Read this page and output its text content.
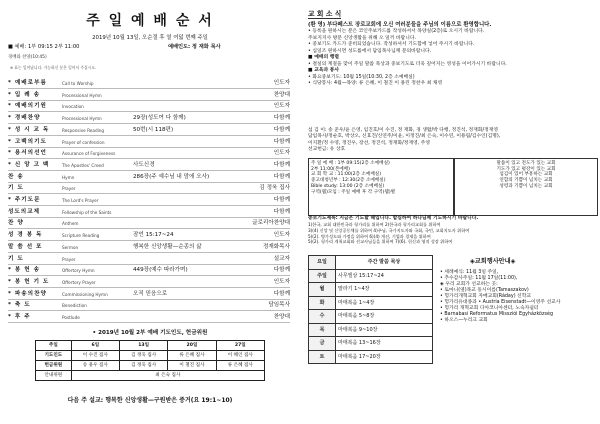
주 일 예 배 순 서
2019년 10월 13일, 오순절 후 열 여덟 번째 주일
■ 예배: 1부 09:15 2부 11:00	예배인도: 정 재화 목사
경배와 찬양(10:45)
※ 표는 일어납니다. 가능하신 분은 일어서 주십시오.
* 예배로부름	Call to Worship	인도자
* 입 례 송	Processional Hymn	찬양대
* 예배의기원	Invocation	인도자
* 경배찬양	Processional Hymn	29장(성도여 다 함께)	다함께
* 성 시 교 독	Responsive Reading	50번(시 118편)	다함께
* 고백의기도	Prayer of confession	다함께
* 용서의선언	Assurance of Forgiveness	인도자
* 신 앙 고 백	The Apostles' Creed	사도신경	다함께
찬 송	Hymn	286장(주 예수님 내 맘에 오사)	다함께
기 도	Prayer	김 정욱 집사
* 주기도문	The Lord's Prayer	다함께
성도의교제	Fellowship of the Saints	다함께
찬 양	Anthem	글로리아찬양대
성 경 봉 독	Scripture Reading	잠언 15:17~24	인도자
말 씀 선 포	Sermon	행복한 신앙생활—순종의 삶	정재화목사
기 도	Prayer	설교자
* 봉 헌 송	Offertory Hymn	449장(예수 따라가며)	다함께
* 봉 헌 기 도	Offertory Prayer	인도자
* 파송의찬양	Commissioning Hymn	오직 믿음으로	다함께
* 축 도	Benediction	담임목사
* 후 주	Postlude	찬양대
• 2019년 10월 2부 예배 기도인도, 헌금위원
주일	6일	13일	20일	27일
기도인도	이 수진 집사	김 정욱 집사	류 은혜 집사	이 해인 집사
헌금위원	송 용우 집사	김 정욱 집사	이 철진 집사	류 은혜 집사
안내위원	최 은숙 집사			
다음 주 설교: 행복한 신앙생활—구원받은 증거(요 19:1~10)
교 회 소 식
(환 영) 부다페스트 장로교회에 오신 여러분들을 주님의 이름으로 환영합니다.
• 등록을 원하시는 분은 코인주보카드를 작성하셔서 목양실(2층)로 오시기 바랍니다.
주보지지사 방문 신앙생활을 위해 오 일끼 바랍니다.
• 중보기도 카드가 준비되었습니다. 작성하셔서 기도함에 넣어 주시기 바랍니다.
• 십일조 원하시면 성도를에서 담임목사님께 문의바랍니다.
■ 예배의 행렬
• 결실의 계절을 맞이 주일 말씀 묵상과 중보기도로 더욱 깊어지는 영성을 이어가시기 바랍니다.
■ 교육과 봉사
• 화요중보기도: 10월 15일(10:30, 2층 소예배실)
• 식당봉사: 4월—목양: 류 은혜, 이 철진 이 용린 정찬우 최 채영
섬 김 이: 송 준우/윤 은영, 임진호/이 수진, 정 재화, 경 생활/박 다행, 정진석, 정재화/정재영
담임목사/정순호, 박상오, 신효진/신연주/이윤, 이정진/최 은숙, 이수연, 이용림/김수인(김명),
이지환/정 수영, 정진우, 장선, 정진석, 정재화/정재영, 주영
선교헌금: 유 상호
주 일 예 배 : 1부 09:15(2층 소예배실)
2부 11:00(본예배)
교 회 학 교 : 11:00(2층 소예배실)
중고대청년부 : 12:30(2층 소예배실)
Bible study: 13:00 (2층 소예배실)
구역(웹)모임 : 주일 예배 후 각 구역(웹)별
말씀이 있고 전도가 있는 교회
기도가 있고 평강이 있는 교회
섬김이 있어 부흥하는 교회
연합의 기쁨이 넘치는 교회
성령과 기쁨이 넘치는 교회
중보기도제목: 지금은 기도할 때입니다. 합심하여 하나님께 기도하시기 바랍니다.
1)한국, 교회 대한민국과 헝가리를 위하여 2)한국과 헝가리교회를 위하여
3)(4) 신앙 및 신앙공동체를 위하여 4)주님, 국가지도자와 국회, 국민, 교회지도자 위하여
5)(2). 병가성도와 가정을 위하여 6)(4) 개선, 기업과 경제을 위하여
5)(2). 헝가리 개척교회와 선교사님들을 위하여 7)(6). 헌신과 영적 성장 위하여
요일	주간 말씀 묵상
주일	사무엘상 15:17~24
월	말라기 1~4장
화	마태복음 1~4장
수	마태복음 5~8장
목	마태복음 9~10장
금	마태복음 13~16장
토	마태복음 17~20장
◈교회행사안내◈
• 세례예식: 11월 3일 주일,
• 추수감사주일: 11월 17일(11:00),
◈ 우리 교회가 선교하는 곳:
• 토마니(옆)목교 동시이름(Tamaszakov)
• 헝가리개혁교회 자매교회(Ráday) 신학교
• 헝가리유대종과 • Austria Eisenstadt—이영주 선교사
• 헝가리 개혁교회 디아코니아센터, 노숙자쉼터
• Barnabasi Reformatus Missziói Egyházközség
• 하오스—누리크 교회
